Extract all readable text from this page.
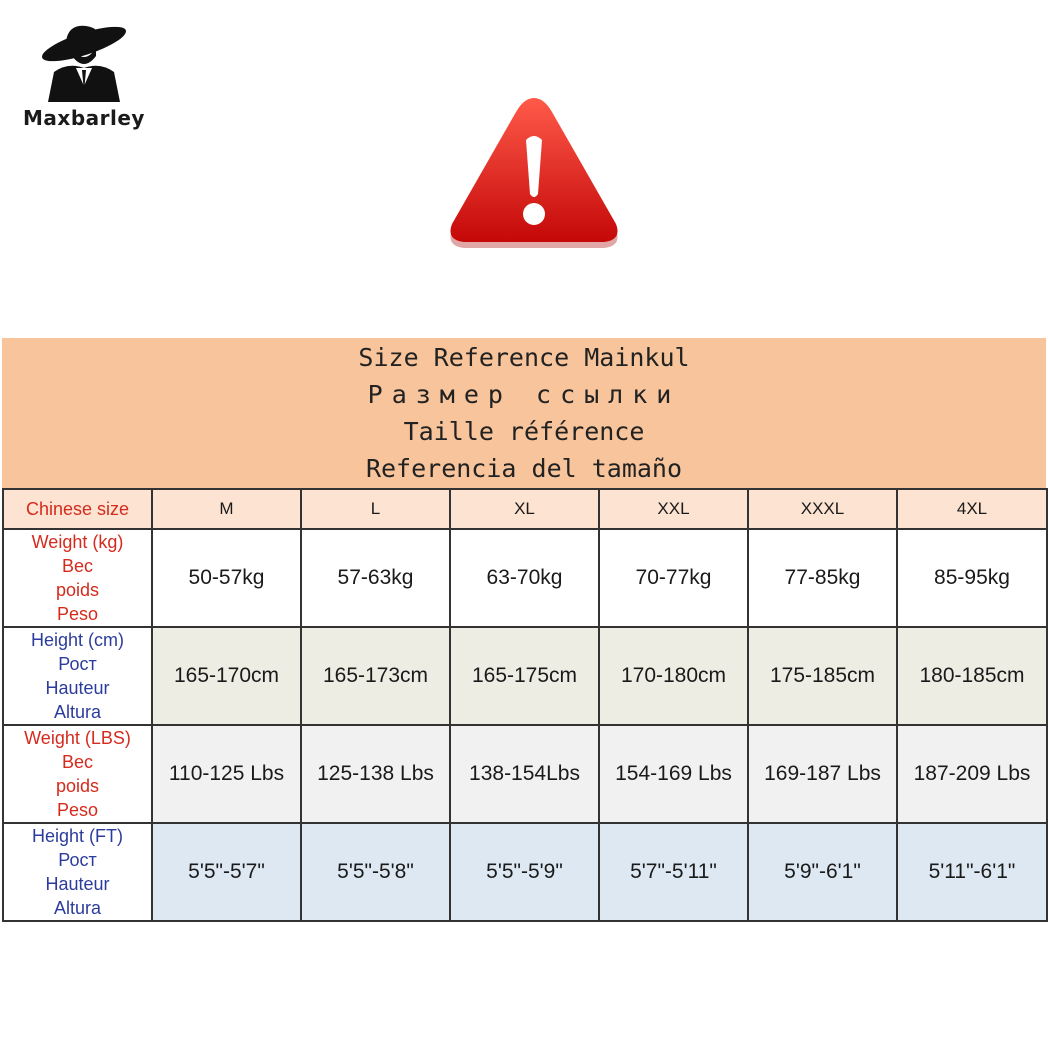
Maxbarley
Size Reference Mainkul
Размер ссылки
Taille référence
Referencia del tamaño
Chinese size	M	L	XL	XXL	XXXL	4XL

Weight (kg)
Вес
poids
Peso	50-57kg	57-63kg	63-70kg	70-77kg	77-85kg	85-95kg

Height (cm)
Рост
Hauteur
Altura	165-170cm	165-173cm	165-175cm	170-180cm	175-185cm	180-185cm

Weight (LBS)
Вес
poids
Peso	110-125 Lbs	125-138 Lbs	138-154Lbs	154-169 Lbs	169-187 Lbs	187-209 Lbs

Height (FT)
Рост
Hauteur
Altura	5'5"-5'7"	5'5"-5'8"	5'5"-5'9"	5'7"-5'11"	5'9"-6'1"	5'11"-6'1"
